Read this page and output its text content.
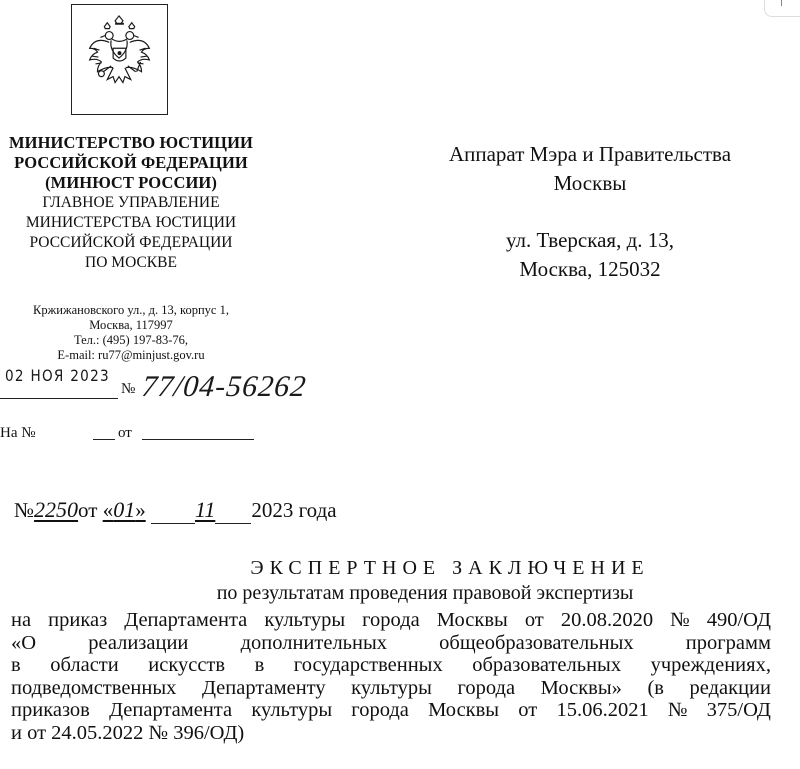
МИНИСТЕРСТВО ЮСТИЦИИ
РОССИЙСКОЙ ФЕДЕРАЦИИ
(МИНЮСТ РОССИИ)
ГЛАВНОЕ УПРАВЛЕНИЕ
МИНИСТЕРСТВА ЮСТИЦИИ
РОССИЙСКОЙ ФЕДЕРАЦИИ
ПО МОСКВЕ
Кржижановского ул., д. 13, корпус 1,
Москва, 117997
Тел.: (495) 197-83-76,
E-mail: ru77@minjust.gov.ru
02 НОЯ 2023
№ 77/04-56262
На №	от
Аппарат Мэра и Правительства
Москвы
ул. Тверская, д. 13,
Москва, 125032
№2250от «01» 11 2023 года
ЭКСПЕРТНОЕ ЗАКЛЮЧЕНИЕ
по результатам проведения правовой экспертизы
на приказ Департамента культуры города Москвы от 20.08.2020 № 490/ОД
«О	реализации	дополнительных	общеобразовательных	программ
в области искусств в государственных образовательных учреждениях,
подведомственных Департаменту культуры города Москвы» (в редакции
приказов Департамента культуры города Москвы от 15.06.2021 № 375/ОД
и от 24.05.2022 № 396/ОД)
